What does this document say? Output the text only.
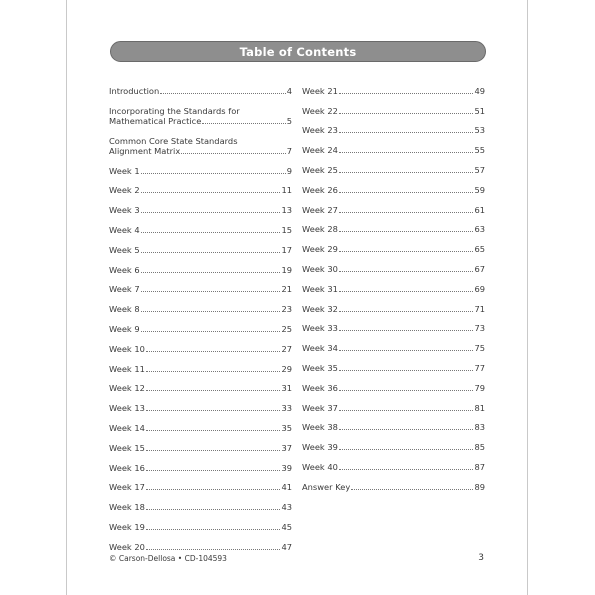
Table of Contents
Introduction	4
Incorporating the Standards for
Mathematical Practice	5
Common Core State Standards
Alignment Matrix	7
Week 1	9
Week 2	11
Week 3	13
Week 4	15
Week 5	17
Week 6	19
Week 7	21
Week 8	23
Week 9	25
Week 10	27
Week 11	29
Week 12	31
Week 13	33
Week 14	35
Week 15	37
Week 16	39
Week 17	41
Week 18	43
Week 19	45
Week 20	47
Week 21	49
Week 22	51
Week 23	53
Week 24	55
Week 25	57
Week 26	59
Week 27	61
Week 28	63
Week 29	65
Week 30	67
Week 31	69
Week 32	71
Week 33	73
Week 34	75
Week 35	77
Week 36	79
Week 37	81
Week 38	83
Week 39	85
Week 40	87
Answer Key	89
© Carson-Dellosa • CD-104593	3
